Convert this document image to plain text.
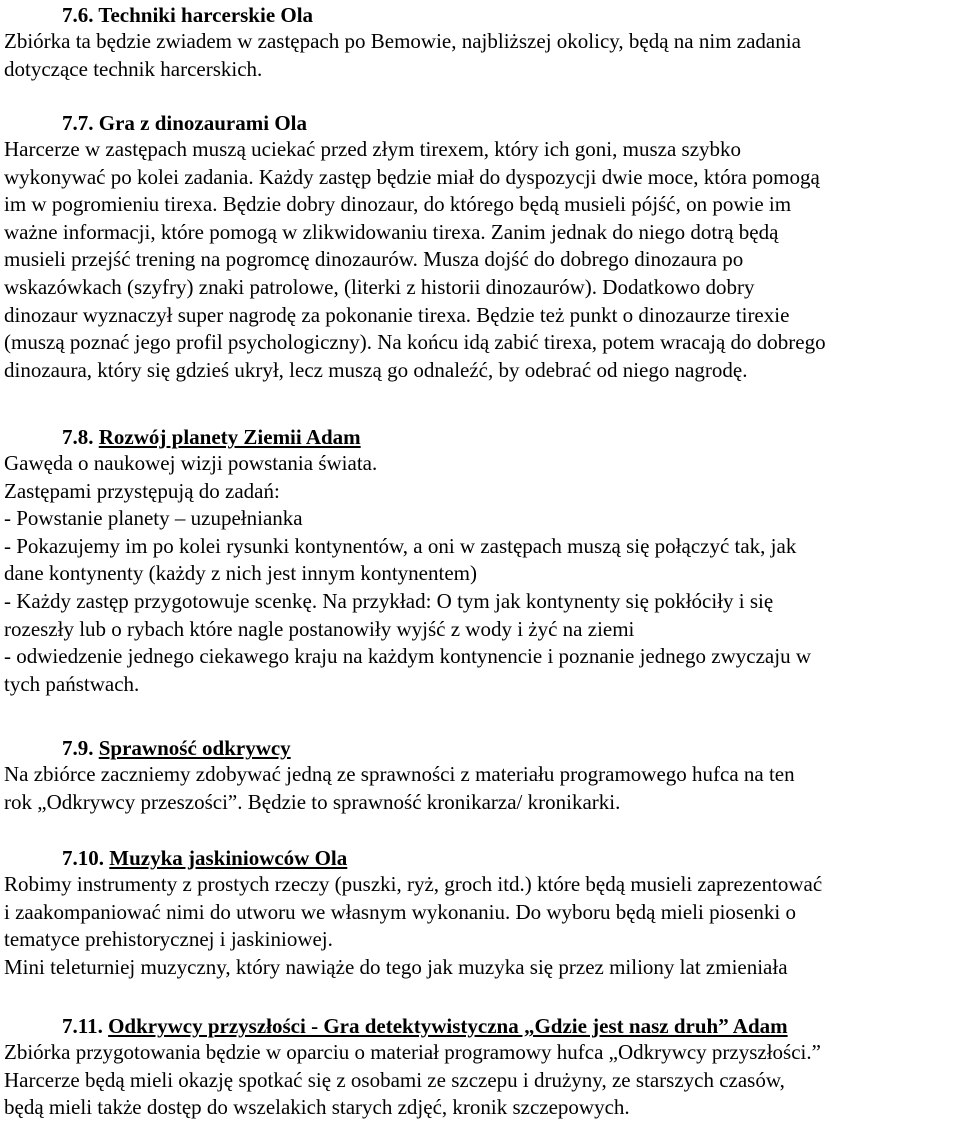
7.6. Techniki harcerskie Ola
Zbiórka ta będzie zwiadem w zastępach po Bemowie, najbliższej okolicy, będą na nim zadania
dotyczące technik harcerskich.
7.7. Gra z dinozaurami Ola
Harcerze w zastępach muszą uciekać przed złym tirexem, który ich goni, musza szybko
wykonywać po kolei zadania. Każdy zastęp będzie miał do dyspozycji dwie moce, która pomogą
im w pogromieniu tirexa. Będzie dobry dinozaur, do którego będą musieli pójść, on powie im
ważne informacji, które pomogą w zlikwidowaniu tirexa. Zanim jednak do niego dotrą będą
musieli przejść trening na pogromcę dinozaurów. Musza dojść do dobrego dinozaura po
wskazówkach (szyfry) znaki patrolowe, (literki z historii dinozaurów). Dodatkowo dobry
dinozaur wyznaczył super nagrodę za pokonanie tirexa. Będzie też punkt o dinozaurze tirexie
(muszą poznać jego profil psychologiczny). Na końcu idą zabić tirexa, potem wracają do dobrego
dinozaura, który się gdzieś ukrył, lecz muszą go odnaleźć, by odebrać od niego nagrodę.
7.8. Rozwój planety Ziemii Adam
Gawęda o naukowej wizji powstania świata.
Zastępami przystępują do zadań:
- Powstanie planety – uzupełnianka
- Pokazujemy im po kolei rysunki kontynentów, a oni w zastępach muszą się połączyć tak, jak
dane kontynenty (każdy z nich jest innym kontynentem)
- Każdy zastęp przygotowuje scenkę. Na przykład: O tym jak kontynenty się pokłóciły i się
rozeszły lub o rybach które nagle postanowiły wyjść z wody i żyć na ziemi
- odwiedzenie jednego ciekawego kraju na każdym kontynencie i poznanie jednego zwyczaju w
tych państwach.
7.9. Sprawność odkrywcy
Na zbiórce zaczniemy zdobywać jedną ze sprawności z materiału programowego hufca na ten
rok „Odkrywcy przeszości”. Będzie to sprawność kronikarza/ kronikarki.
7.10. Muzyka jaskiniowców Ola
Robimy instrumenty z prostych rzeczy (puszki, ryż, groch itd.) które będą musieli zaprezentować
i zaakompaniować nimi do utworu we własnym wykonaniu. Do wyboru będą mieli piosenki o
tematyce prehistorycznej i jaskiniowej.
Mini teleturniej muzyczny, który nawiąże do tego jak muzyka się przez miliony lat zmieniała
7.11. Odkrywcy przyszłości - Gra detektywistyczna „Gdzie jest nasz druh” Adam
Zbiórka przygotowania będzie w oparciu o materiał programowy hufca „Odkrywcy przyszłości.”
Harcerze będą mieli okazję spotkać się z osobami ze szczepu i drużyny, ze starszych czasów,
będą mieli także dostęp do wszelakich starych zdjęć, kronik szczepowych.
